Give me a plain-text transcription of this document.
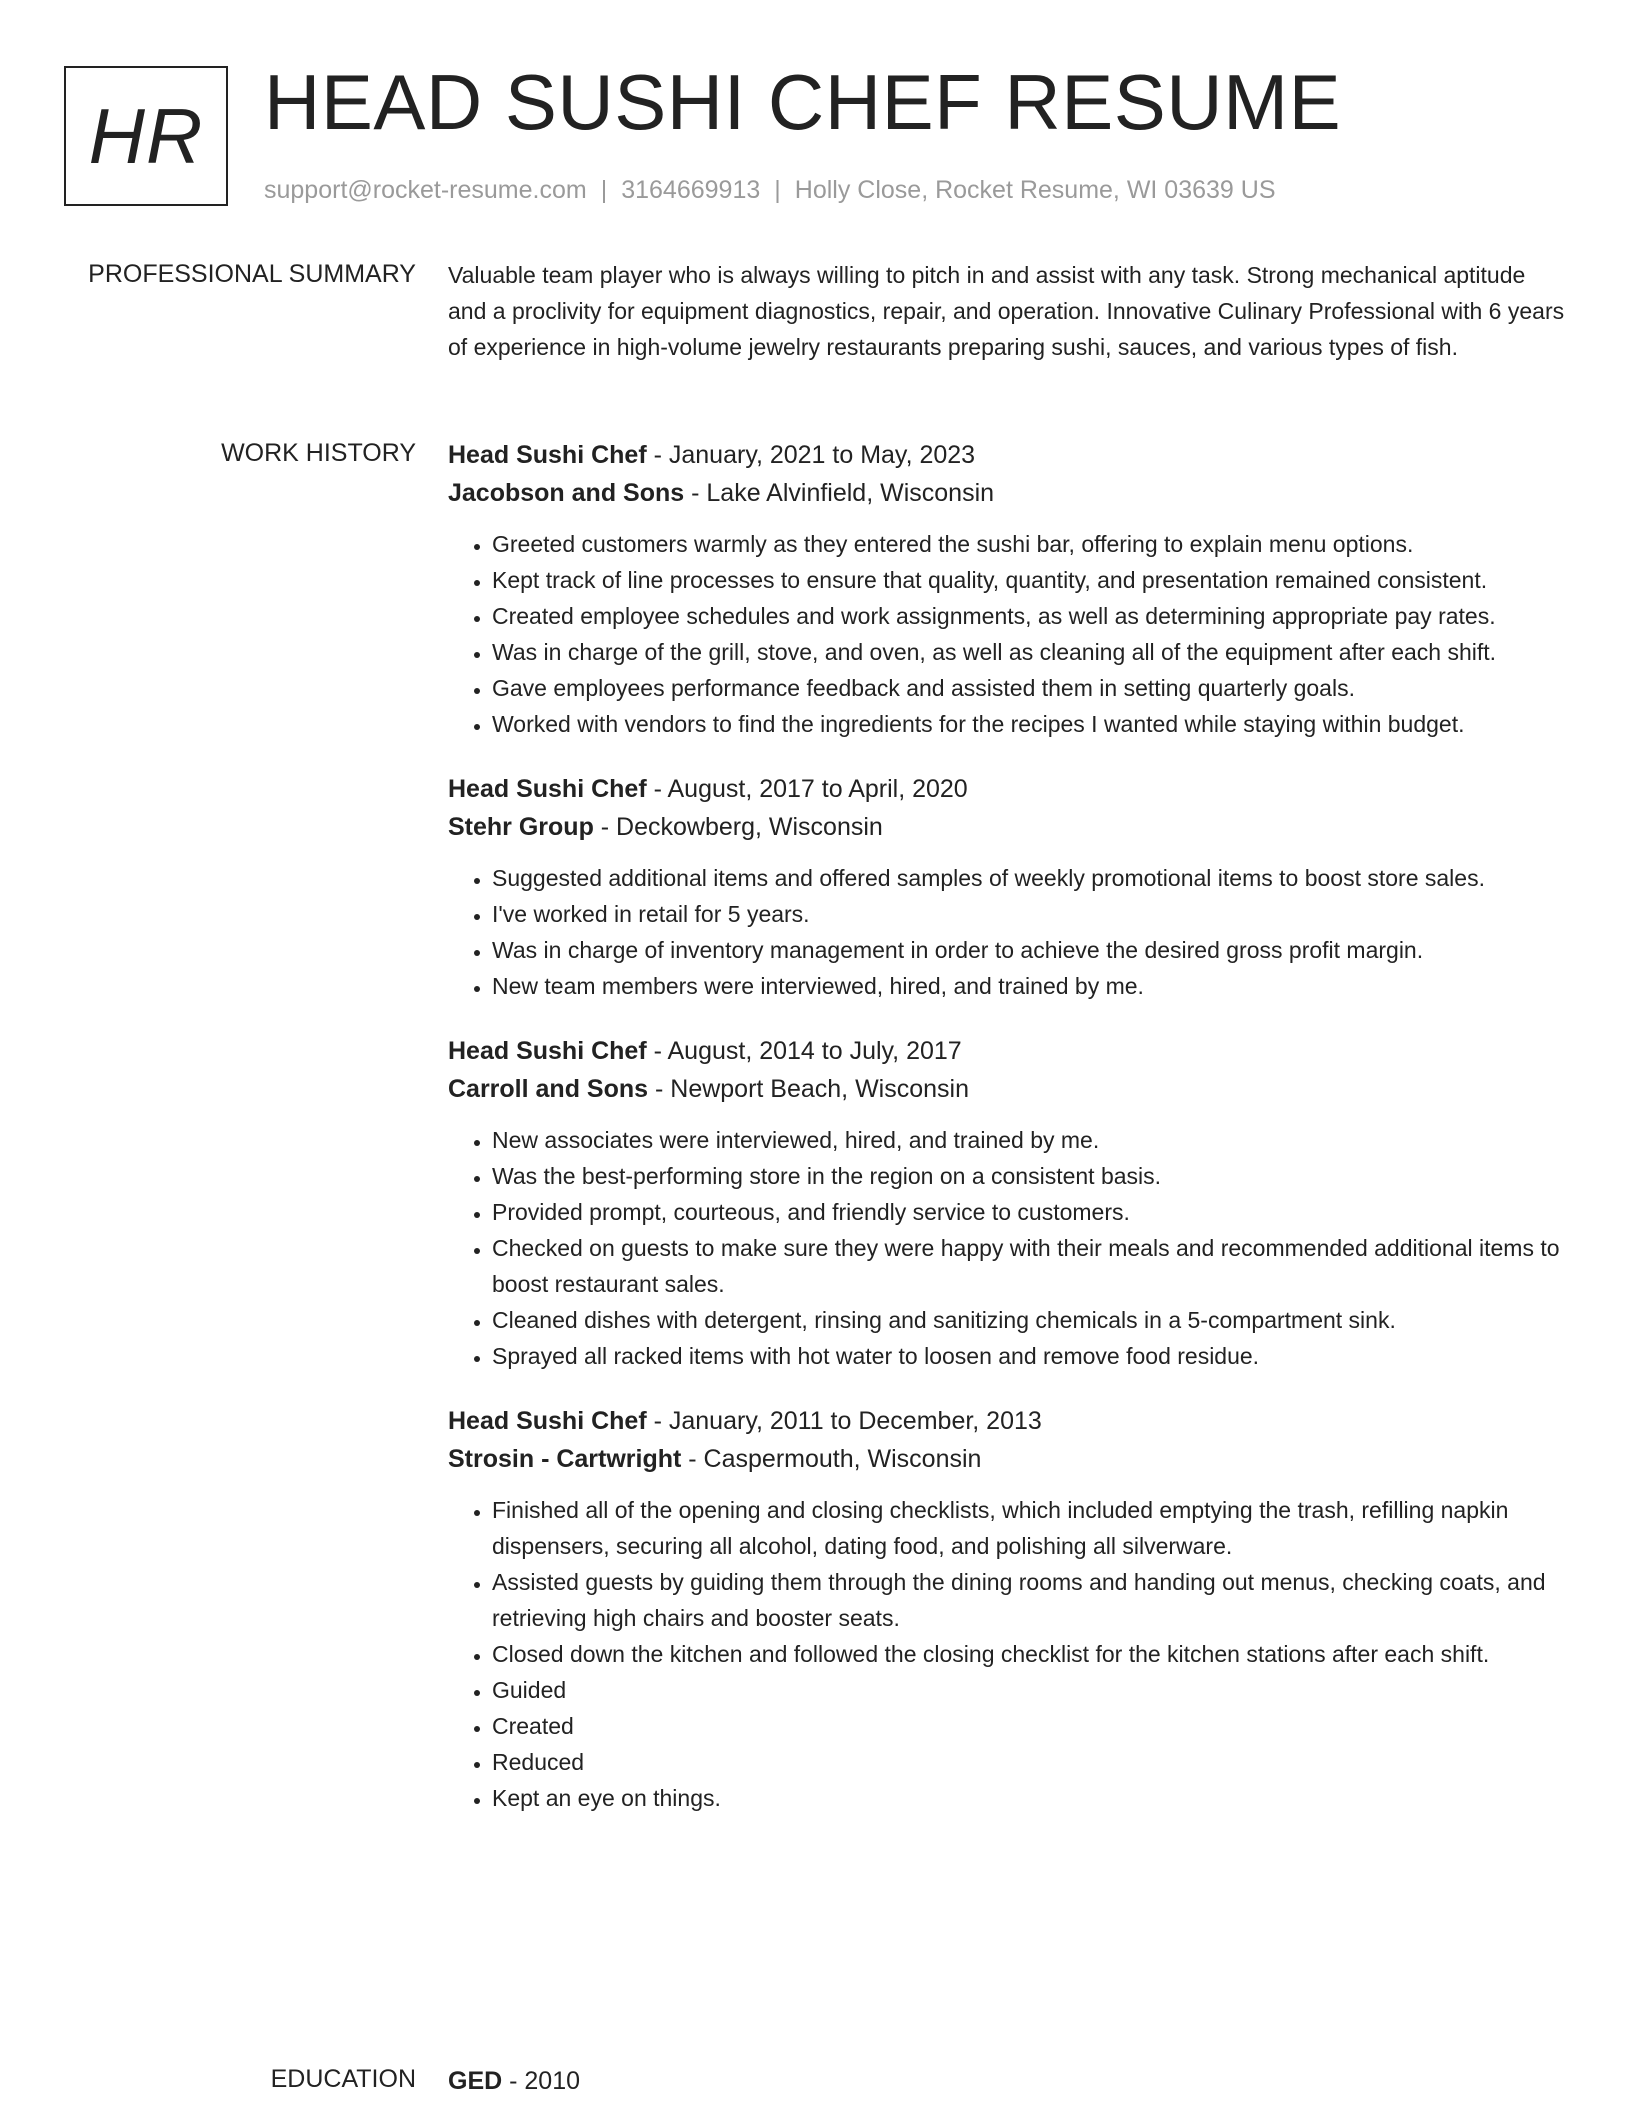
HR HEAD SUSHI CHEF RESUME
support@rocket-resume.com | 3164669913 | Holly Close, Rocket Resume, WI 03639 US
PROFESSIONAL SUMMARY Valuable team player who is always willing to pitch in and assist with any task. Strong mechanical aptitude and a proclivity for equipment diagnostics, repair, and operation. Innovative Culinary Professional with 6 years of experience in high-volume jewelry restaurants preparing sushi, sauces, and various types of fish.

WORK HISTORY Head Sushi Chef - January, 2021 to May, 2023

Jacobson and Sons - Lake Alvinfield, Wisconsin

• Greeted customers warmly as they entered the sushi bar, offering to explain menu options.
• Kept track of line processes to ensure that quality, quantity, and presentation remained consistent.
• Created employee schedules and work assignments, as well as determining appropriate pay rates.
• Was in charge of the grill, stove, and oven, as well as cleaning all of the equipment after each shift.
• Gave employees performance feedback and assisted them in setting quarterly goals.
• Worked with vendors to find the ingredients for the recipes I wanted while staying within budget.

Head Sushi Chef - August, 2017 to April, 2020

Stehr Group - Deckowberg, Wisconsin

• Suggested additional items and offered samples of weekly promotional items to boost store sales.
• I've worked in retail for 5 years.
• Was in charge of inventory management in order to achieve the desired gross profit margin.
• New team members were interviewed, hired, and trained by me.

Head Sushi Chef - August, 2014 to July, 2017

Carroll and Sons - Newport Beach, Wisconsin

• New associates were interviewed, hired, and trained by me.
• Was the best-performing store in the region on a consistent basis.
• Provided prompt, courteous, and friendly service to customers.
• Checked on guests to make sure they were happy with their meals and recommended additional items to boost restaurant sales.
• Cleaned dishes with detergent, rinsing and sanitizing chemicals in a 5-compartment sink.
• Sprayed all racked items with hot water to loosen and remove food residue.

Head Sushi Chef - January, 2011 to December, 2013

Strosin - Cartwright - Caspermouth, Wisconsin

• Finished all of the opening and closing checklists, which included emptying the trash, refilling napkin dispensers, securing all alcohol, dating food, and polishing all silverware.
• Assisted guests by guiding them through the dining rooms and handing out menus, checking coats, and retrieving high chairs and booster seats.
• Closed down the kitchen and followed the closing checklist for the kitchen stations after each shift.
• Guided
• Created
• Reduced
• Kept an eye on things.
EDUCATION GED - 2010
